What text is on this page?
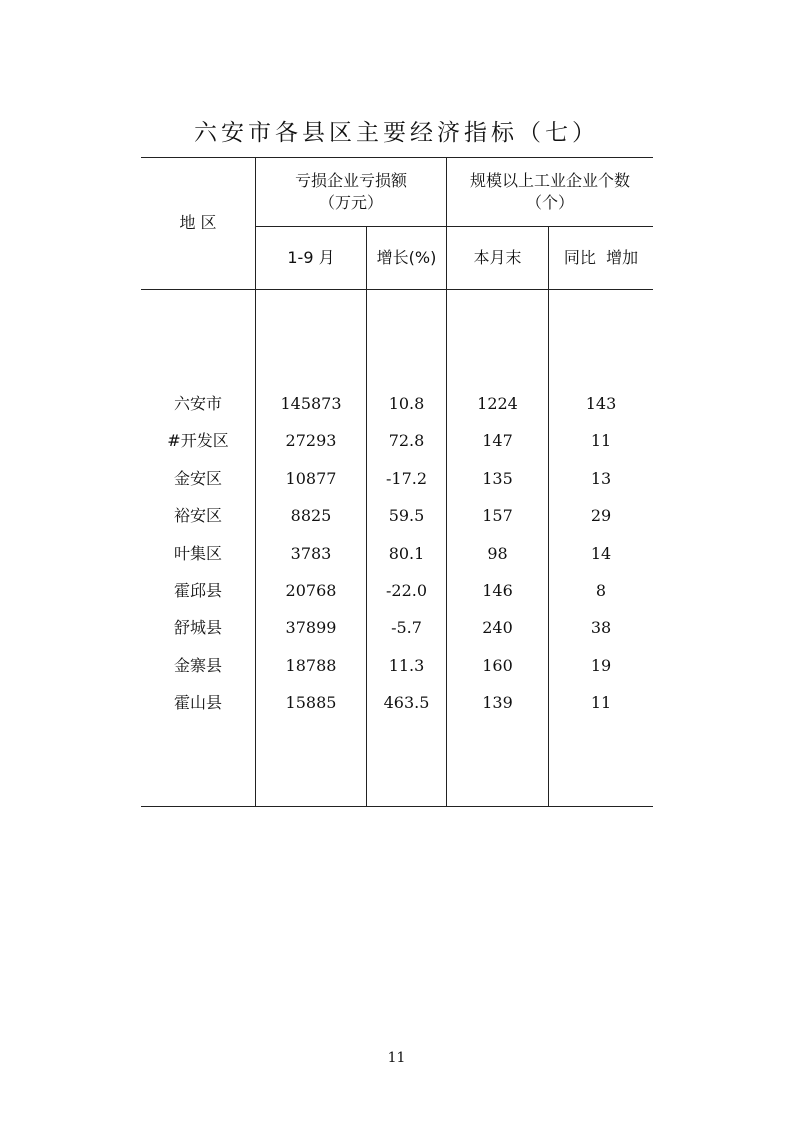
六安市各县区主要经济指标（七）
地 区
亏损企业亏损额
（万元）
规模以上工业企业个数
（个）
1-9 月	增长(%)	本月末	同比  增加
六安市	145873	10.8	1224	143
#开发区	27293	72.8	147	11
金安区	10877	-17.2	135	13
裕安区	8825	59.5	157	29
叶集区	3783	80.1	98	14
霍邱县	20768	-22.0	146	8
舒城县	37899	-5.7	240	38
金寨县	18788	11.3	160	19
霍山县	15885	463.5	139	11
11
